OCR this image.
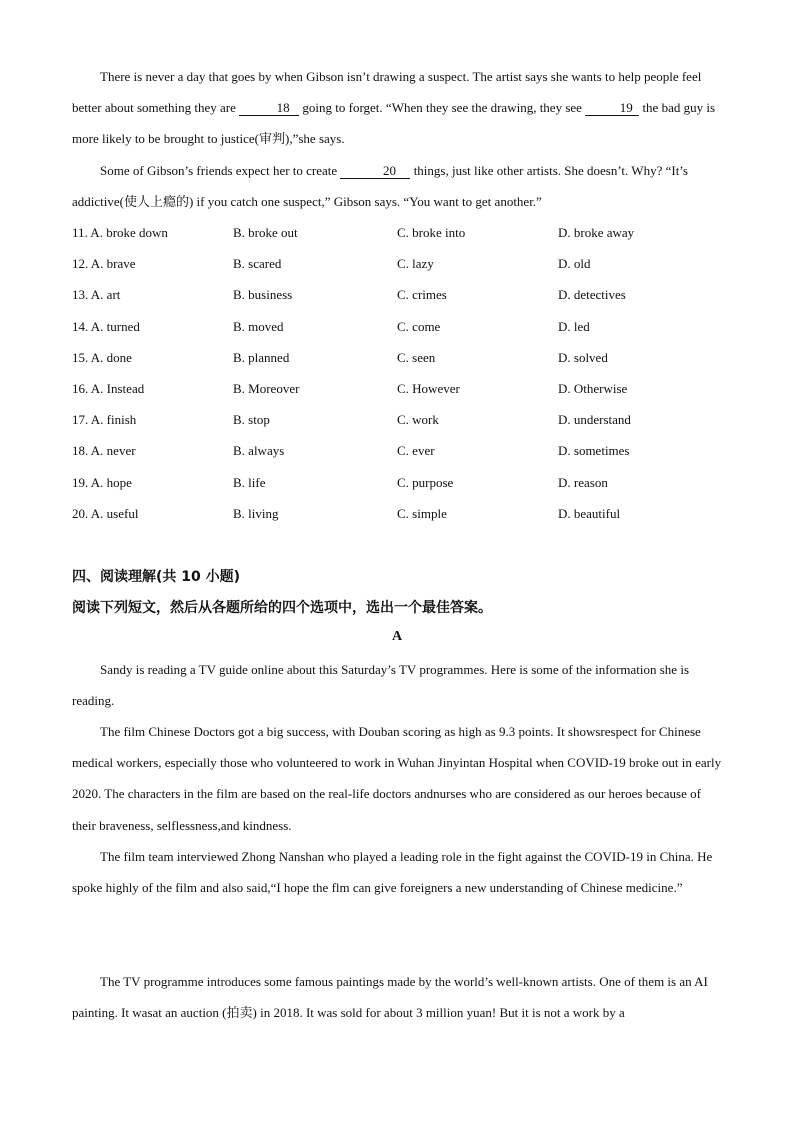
There is never a day that goes by when Gibson isn’t drawing a suspect. The artist says she wants to help people feel better about something they are	18 going to forget. “When they see the drawing, they see	19 the bad guy is more likely to be brought to justice(审判),”she says.

Some of Gibson’s friends expect her to create	20 things, just like other artists. She doesn’t. Why? “It’s addictive(使人上瘾的) if you catch one suspect,” Gibson says. “You want to get another.”

11. A. broke down	B. broke out	C. broke into	D. broke away
12. A. brave	B. scared	C. lazy	D. old
13. A. art	B. business	C. crimes	D. detectives
14. A. turned	B. moved	C. come	D. led
15. A. done	B. planned	C. seen	D. solved
16. A. Instead	B. Moreover	C. However	D. Otherwise
17. A. finish	B. stop	C. work	D. understand
18. A. never	B. always	C. ever	D. sometimes
19. A. hope	B. life	C. purpose	D. reason
20. A. useful	B. living	C. simple	D. beautiful

四、阅读理解(共 10 小题)

阅读下列短文，然后从各题所给的四个选项中，选出一个最佳答案。

A

Sandy is reading a TV guide online about this Saturday’s TV programmes. Here is some of the information she is reading.

The film Chinese Doctors got a big success, with Douban scoring as high as 9.3 points. It showsrespect for Chinese medical workers, especially those who volunteered to work in Wuhan Jinyintan Hospital when COVID-19 broke out in early 2020. The characters in the film are based on the real-life doctors andnurses who are considered as our heroes because of their braveness, selflessness,and kindness.

The film team interviewed Zhong Nanshan who played a leading role in the fight against the COVID-19 in China. He spoke highly of the film and also said,“I hope the flm can give foreigners a new understanding of Chinese medicine.”

The TV programme introduces some famous paintings made by the world’s well-known artists. One of them is an AI painting. It wasat an auction (拍卖) in 2018. It was sold for about 3 million yuan! But it is not a work by a
